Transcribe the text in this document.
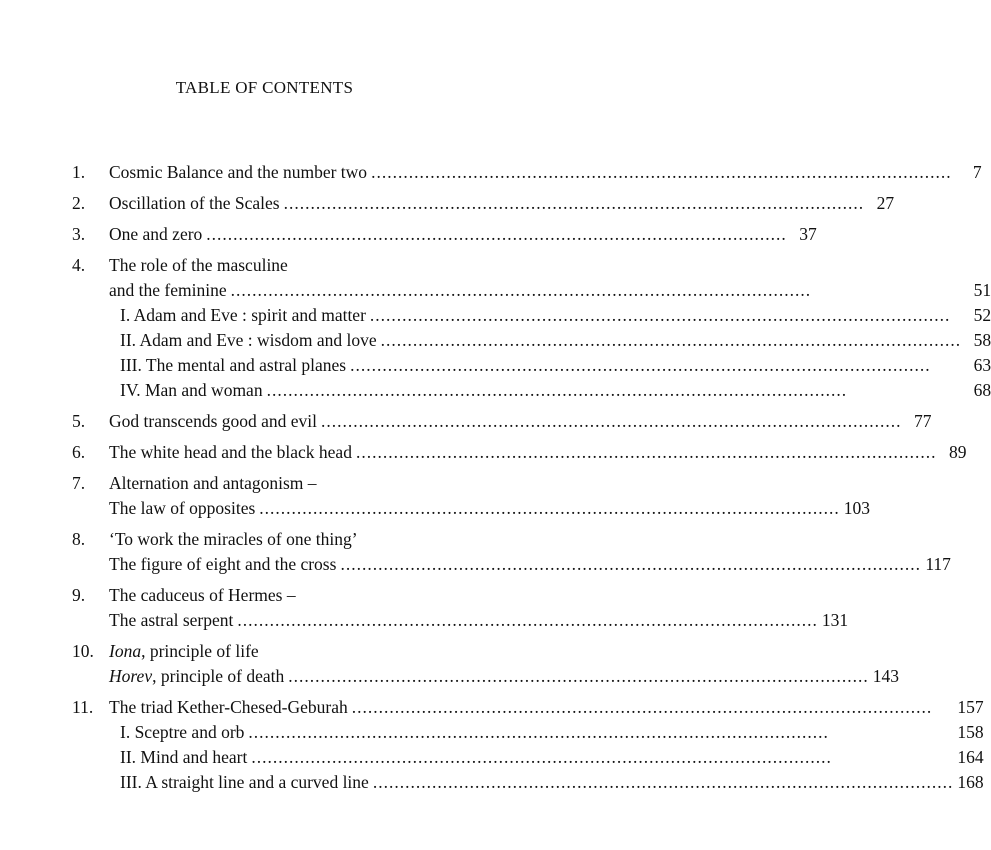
TABLE OF CONTENTS
1.	Cosmic Balance and the number two .....	7
2.	Oscillation of the Scales .....	27
3.	One and zero .....	37
4.	The role of the masculine
and the feminine .....	51
I. Adam and Eve : spirit and matter .....	52
II. Adam and Eve : wisdom and love .....	58
III. The mental and astral planes .....	63
IV. Man and woman .....	68
5.	God transcends good and evil .....	77
6.	The white head and the black head .....	89
7.	Alternation and antagonism –
The law of opposites .....	103
8.	‘To work the miracles of one thing’
The figure of eight and the cross .....	117
9.	The caduceus of Hermes –
The astral serpent .....	131
10. Iona, principle of life
Horev, principle of death .....	143
11. The triad Kether-Chesed-Geburah .....	157
I. Sceptre and orb .....	158
II. Mind and heart .....	164
III. A straight line and a curved line .....	168
